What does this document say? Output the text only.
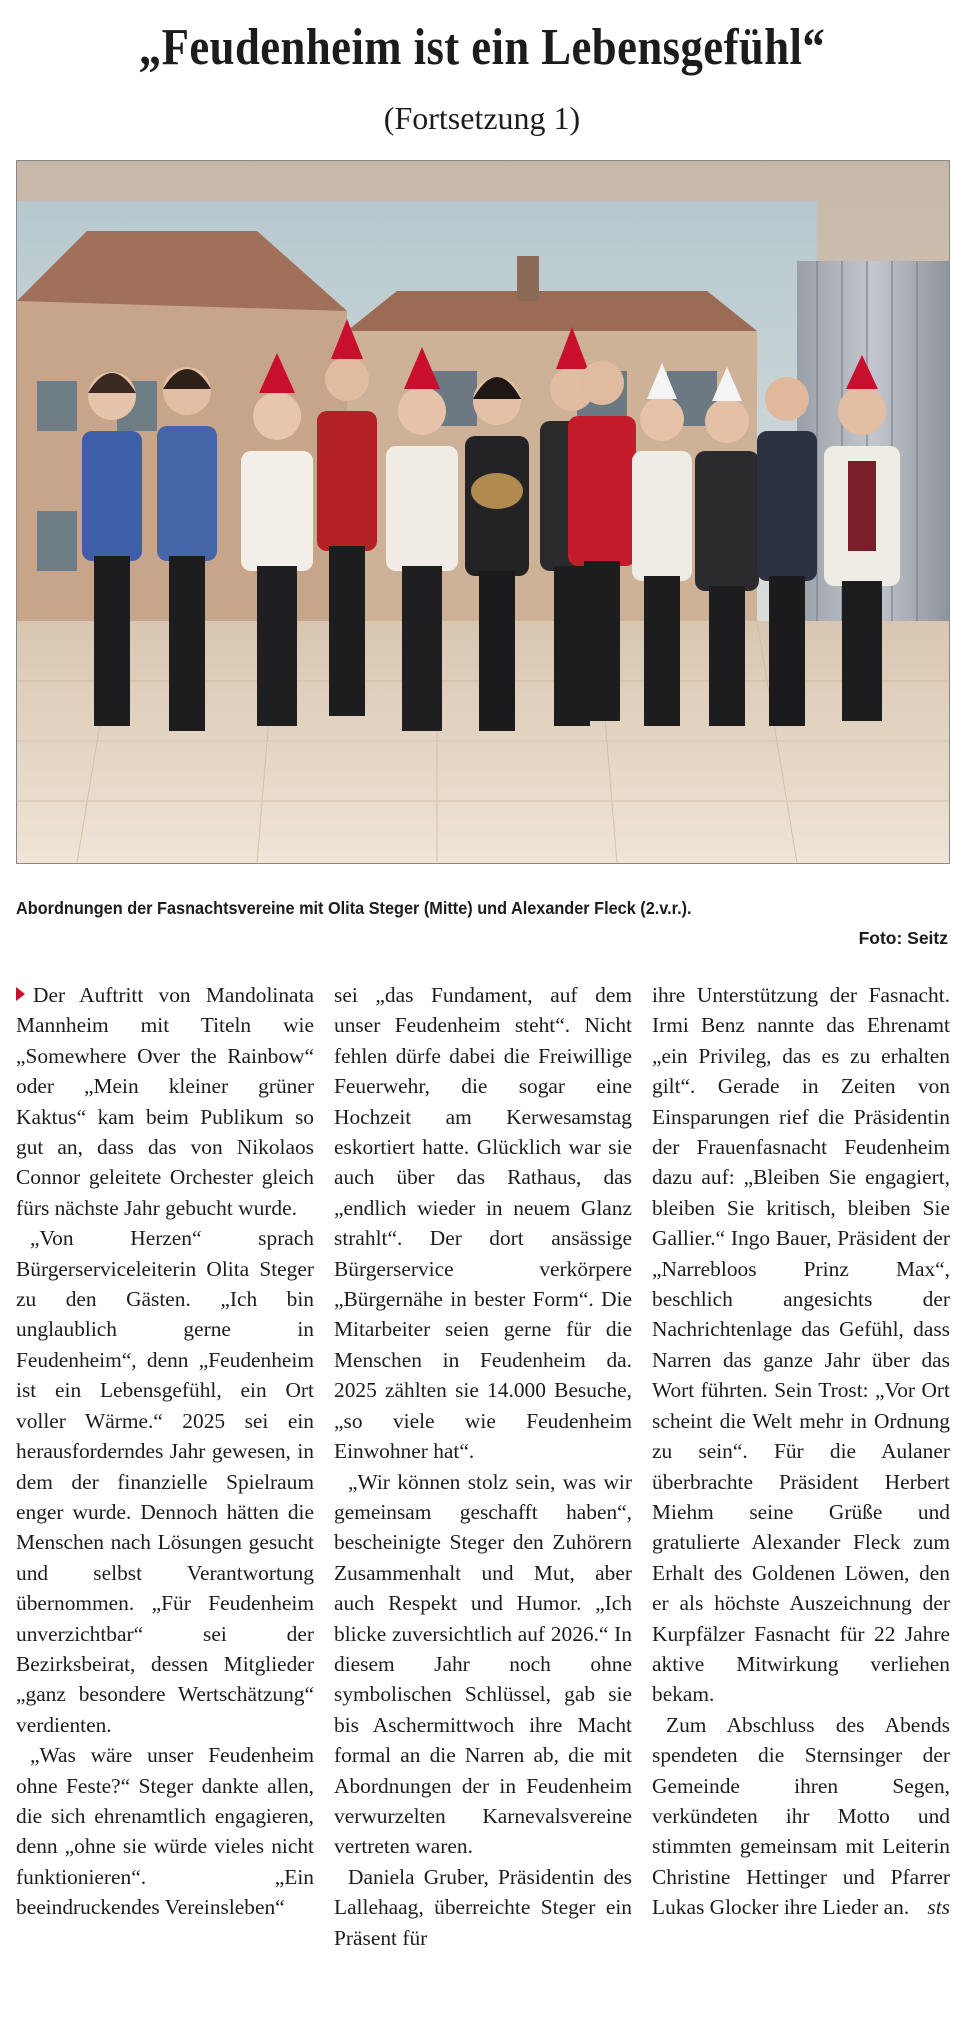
„Feudenheim ist ein Lebensgefühl“
(Fortsetzung 1)
Abordnungen der Fasnachtsvereine mit Olita Steger (Mitte) und Alexander Fleck (2.v.r.).
Foto: Seitz

Der Auftritt von Mandolinata Mannheim mit Titeln wie „Somewhere Over the Rainbow“ oder „Mein kleiner grüner Kaktus“ kam beim Publikum so gut an, dass das von Nikolaos Connor geleitete Orchester gleich fürs nächste Jahr gebucht wurde.

„Von Herzen“ sprach Bürgerserviceleiterin Olita Steger zu den Gästen. „Ich bin unglaublich gerne in Feudenheim“, denn „Feudenheim ist ein Lebensgefühl, ein Ort voller Wärme.“ 2025 sei ein herausforderndes Jahr gewesen, in dem der finanzielle Spielraum enger wurde. Dennoch hätten die Menschen nach Lösungen gesucht und selbst Verantwortung übernommen. „Für Feudenheim unverzichtbar“ sei der Bezirksbeirat, dessen Mitglieder „ganz besondere Wertschätzung“ verdienten.

„Was wäre unser Feudenheim ohne Feste?“ Steger dankte allen, die sich ehrenamtlich engagieren, denn „ohne sie würde vieles nicht funktionieren“. „Ein beeindruckendes Vereinsleben“

sei „das Fundament, auf dem unser Feudenheim steht“. Nicht fehlen dürfe dabei die Freiwillige Feuerwehr, die sogar eine Hochzeit am Kerwesamstag eskortiert hatte. Glücklich war sie auch über das Rathaus, das „endlich wieder in neuem Glanz strahlt“. Der dort ansässige Bürgerservice verkörpere „Bürgernähe in bester Form“. Die Mitarbeiter seien gerne für die Menschen in Feudenheim da. 2025 zählten sie 14.000 Besuche, „so viele wie Feudenheim Einwohner hat“.

„Wir können stolz sein, was wir gemeinsam geschafft haben“, bescheinigte Steger den Zuhörern Zusammenhalt und Mut, aber auch Respekt und Humor. „Ich blicke zuversichtlich auf 2026.“ In diesem Jahr noch ohne symbolischen Schlüssel, gab sie bis Aschermittwoch ihre Macht formal an die Narren ab, die mit Abordnungen der in Feudenheim verwurzelten Karnevalsvereine vertreten waren.

Daniela Gruber, Präsidentin des Lallehaag, überreichte Steger ein Präsent für

ihre Unterstützung der Fasnacht. Irmi Benz nannte das Ehrenamt „ein Privileg, das es zu erhalten gilt“. Gerade in Zeiten von Einsparungen rief die Präsidentin der Frauenfasnacht Feudenheim dazu auf: „Bleiben Sie engagiert, bleiben Sie kritisch, bleiben Sie Gallier.“ Ingo Bauer, Präsident der „Narrebloos Prinz Max“, beschlich angesichts der Nachrichtenlage das Gefühl, dass Narren das ganze Jahr über das Wort führten. Sein Trost: „Vor Ort scheint die Welt mehr in Ordnung zu sein“. Für die Aulaner überbrachte Präsident Herbert Miehm seine Grüße und gratulierte Alexander Fleck zum Erhalt des Goldenen Löwen, den er als höchste Auszeichnung der Kurpfälzer Fasnacht für 22 Jahre aktive Mitwirkung verliehen bekam.

Zum Abschluss des Abends spendeten die Sternsinger der Gemeinde ihren Segen, verkündeten ihr Motto und stimmten gemeinsam mit Leiterin Christine Hettinger und Pfarrer Lukas Glocker ihre Lieder an. sts
